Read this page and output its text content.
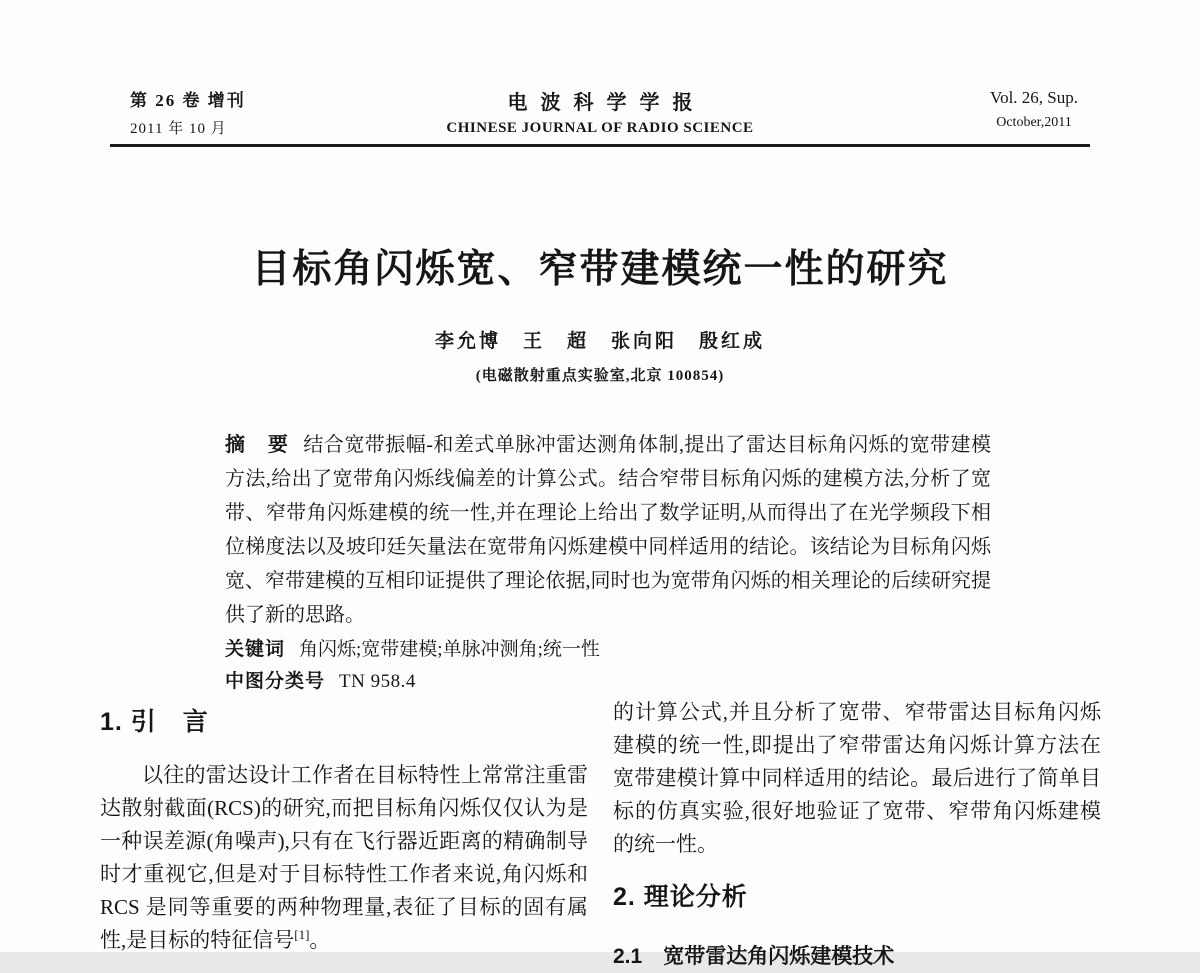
第 26 卷 增刊
2011 年 10 月
电波科学学报
CHINESE JOURNAL OF RADIO SCIENCE
Vol. 26, Sup.
October,2011
目标角闪烁宽、窄带建模统一性的研究
李允博　王　超　张向阳　殷红成
(电磁散射重点实验室,北京 100854)
摘　要 结合宽带振幅-和差式单脉冲雷达测角体制,提出了雷达目标角闪烁的宽带建模方法,给出了宽带角闪烁线偏差的计算公式。结合窄带目标角闪烁的建模方法,分析了宽带、窄带角闪烁建模的统一性,并在理论上给出了数学证明,从而得出了在光学频段下相位梯度法以及坡印廷矢量法在宽带角闪烁建模中同样适用的结论。该结论为目标角闪烁宽、窄带建模的互相印证提供了理论依据,同时也为宽带角闪烁的相关理论的后续研究提供了新的思路。
关键词 角闪烁;宽带建模;单脉冲测角;统一性
中图分类号 TN 958.4
1. 引　言

以往的雷达设计工作者在目标特性上常常注重雷达散射截面(RCS)的研究,而把目标角闪烁仅仅认为是一种误差源(角噪声),只有在飞行器近距离的精确制导时才重视它,但是对于目标特性工作者来说,角闪烁和 RCS 是同等重要的两种物理量,表征了目标的固有属性,是目标的特征信号[1]。

的计算公式,并且分析了宽带、窄带雷达目标角闪烁建模的统一性,即提出了窄带雷达角闪烁计算方法在宽带建模计算中同样适用的结论。最后进行了简单目标的仿真实验,很好地验证了宽带、窄带角闪烁建模的统一性。

2. 理论分析
2.1　宽带雷达角闪烁建模技术
